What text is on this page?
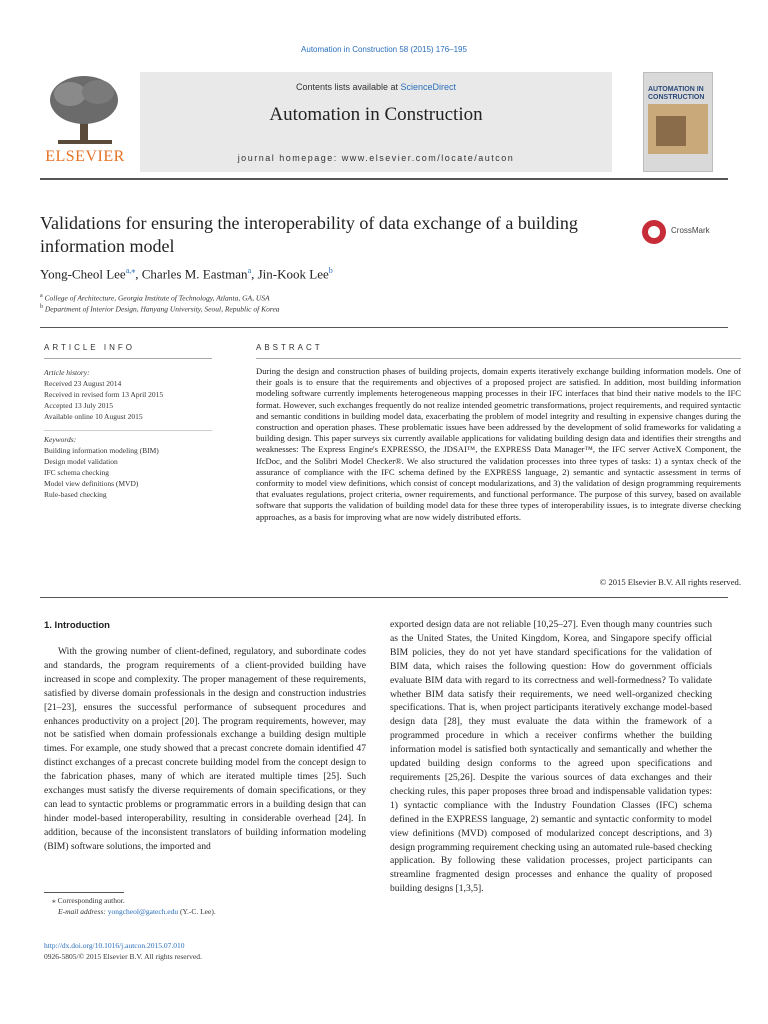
Automation in Construction 58 (2015) 176–195
ELSEVIER
Contents lists available at ScienceDirect
Automation in Construction
journal homepage: www.elsevier.com/locate/autcon
AUTOMATION IN CONSTRUCTION
Validations for ensuring the interoperability of data exchange of a building information model
CrossMark
Yong-Cheol Lee$^{a,⁎}$, Charles M. Eastman$^a$, Jin-Kook Lee$^b$
$^a$ College of Architecture, Georgia Institute of Technology, Atlanta, GA, USA
$^b$ Department of Interior Design, Hanyang University, Seoul, Republic of Korea
ARTICLE INFO
Article history:
Received 23 August 2014
Received in revised form 13 April 2015
Accepted 13 July 2015
Available online 10 August 2015
Keywords:
Building information modeling (BIM)
Design model validation
IFC schema checking
Model view definitions (MVD)
Rule-based checking
ABSTRACT
During the design and construction phases of building projects, domain experts iteratively exchange building information models. One of their goals is to ensure that the requirements and objectives of a proposed project are satisfied. In addition, most building information modeling software currently implements heterogeneous mapping processes in their IFC interfaces that bind their native models to the IFC format. However, such exchanges frequently do not realize intended geometric transformations, project requirements, and required syntactic and semantic conditions in building model data, exacerbating the problem of model integrity and resulting in expensive changes during the construction and operation phases. These problematic issues have been addressed by the development of solid frameworks for validating a building design. This paper surveys six currently available applications for validating building design data and identifies their strengths and weaknesses: The Express Engine's EXPRESSO, the JDSAI™, the EXPRESS Data Manager™, the IFC server ActiveX Component, the IfcDoc, and the Solibri Model Checker®. We also structured the validation processes into three types of tasks: 1) a syntax check of the assurance of compliance with the IFC schema defined by the EXPRESS language, 2) semantic and syntactic assessment in terms of conformity to model view definitions, which consist of concept modularizations, and 3) the validation of design programming requirements that evaluates regulations, project criteria, owner requirements, and functional performance. The purpose of this survey, based on available software that supports the validation of building model data for these three types of interoperability issues, is to integrate diverse checking approaches, as a basis for improving what are now widely distributed efforts.
© 2015 Elsevier B.V. All rights reserved.
1. Introduction
With the growing number of client-defined, regulatory, and subordinate codes and standards, the program requirements of a client-provided building have increased in scope and complexity. The proper management of these requirements, satisfied by diverse domain professionals in the design and construction industries [21–23], ensures the successful performance of subsequent procedures and enhances productivity on a project [20]. The program requirements, however, may not be satisfied when domain professionals exchange a building design multiple times. For example, one study showed that a precast concrete domain identified 47 distinct exchanges of a precast concrete building model from the concept design to the fabrication phases, many of which are iterated multiple times [25]. Such exchanges must satisfy the diverse requirements of domain specifications, or they can lead to syntactic problems or programmatic errors in a building design that can hinder model-based interoperability, resulting in considerable overhead [24]. In addition, because of the inconsistent translators of building information modeling (BIM) software solutions, the imported and
exported design data are not reliable [10,25–27]. Even though many countries such as the United States, the United Kingdom, Korea, and Singapore specify official BIM policies, they do not yet have standard specifications for the validation of BIM data, which raises the following question: How do government officials evaluate BIM data with regard to its correctness and well-formedness? To validate whether BIM data satisfy their requirements, we need well-organized checking specifications. That is, when project participants iteratively exchange model-based design data [28], they must evaluate the data within the framework of a programmed procedure in which a receiver confirms whether the building information model is satisfied both syntactically and semantically and whether the updated building design conforms to the agreed upon specifications and requirements [25,26]. Despite the various sources of data exchanges and their checking rules, this paper proposes three broad and indispensable validation types: 1) syntactic compliance with the Industry Foundation Classes (IFC) schema defined in the EXPRESS language, 2) semantic and syntactic conformity to model view definitions (MVD) composed of modularized concept descriptions, and 3) design programming requirement checking using an automated rule-based checking application. By following these validation processes, project participants can streamline fragmented design processes and enhance the quality of proposed building designs [1,3,5].
⁎ Corresponding author.
E-mail address: yongcheol@gatech.edu (Y.-C. Lee).
http://dx.doi.org/10.1016/j.autcon.2015.07.010
0926-5805/© 2015 Elsevier B.V. All rights reserved.
